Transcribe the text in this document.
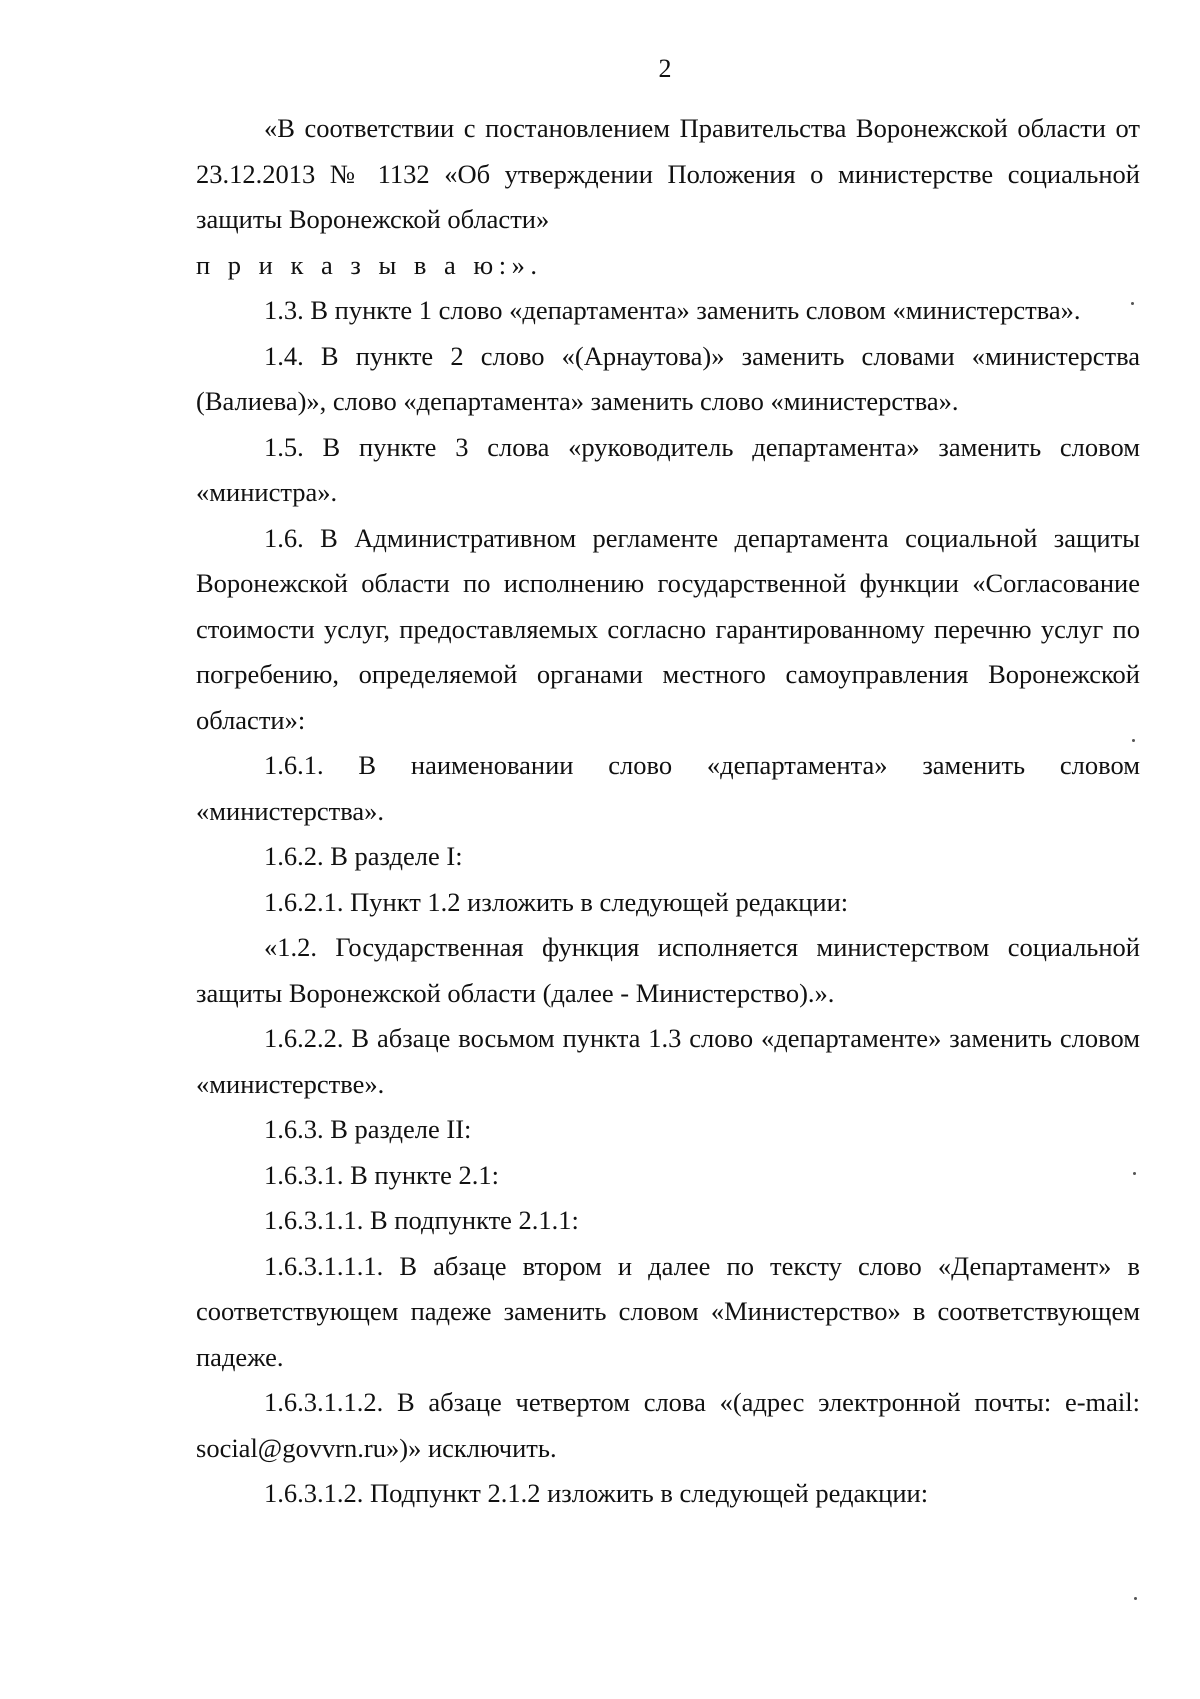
2

«В соответствии с постановлением Правительства Воронежской области от 23.12.2013 № 1132 «Об утверждении Положения о министерстве социальной защиты Воронежской области»

п р и к а з ы в а ю:».

1.3. В пункте 1 слово «департамента» заменить словом «министерства».

1.4. В пункте 2 слово «(Арнаутова)» заменить словами «министерства (Валиева)», слово «департамента» заменить слово «министерства».

1.5. В пункте 3 слова «руководитель департамента» заменить словом «министра».

1.6. В Административном регламенте департамента социальной защиты Воронежской области по исполнению государственной функции «Согласование стоимости услуг, предоставляемых согласно гарантированному перечню услуг по погребению, определяемой органами местного самоуправления Воронежской области»:

1.6.1. В наименовании слово «департамента» заменить словом «министерства».

1.6.2. В разделе I:

1.6.2.1. Пункт 1.2 изложить в следующей редакции:

«1.2. Государственная функция исполняется министерством социальной защиты Воронежской области (далее - Министерство).».

1.6.2.2. В абзаце восьмом пункта 1.3 слово «департаменте» заменить словом «министерстве».

1.6.3. В разделе II:

1.6.3.1. В пункте 2.1:

1.6.3.1.1. В подпункте 2.1.1:

1.6.3.1.1.1. В абзаце втором и далее по тексту слово «Департамент» в соответствующем падеже заменить словом «Министерство» в соответствующем падеже.

1.6.3.1.1.2. В абзаце четвертом слова «(адрес электронной почты: e-mail: social@govvrn.ru»)» исключить.

1.6.3.1.2. Подпункт 2.1.2 изложить в следующей редакции:
